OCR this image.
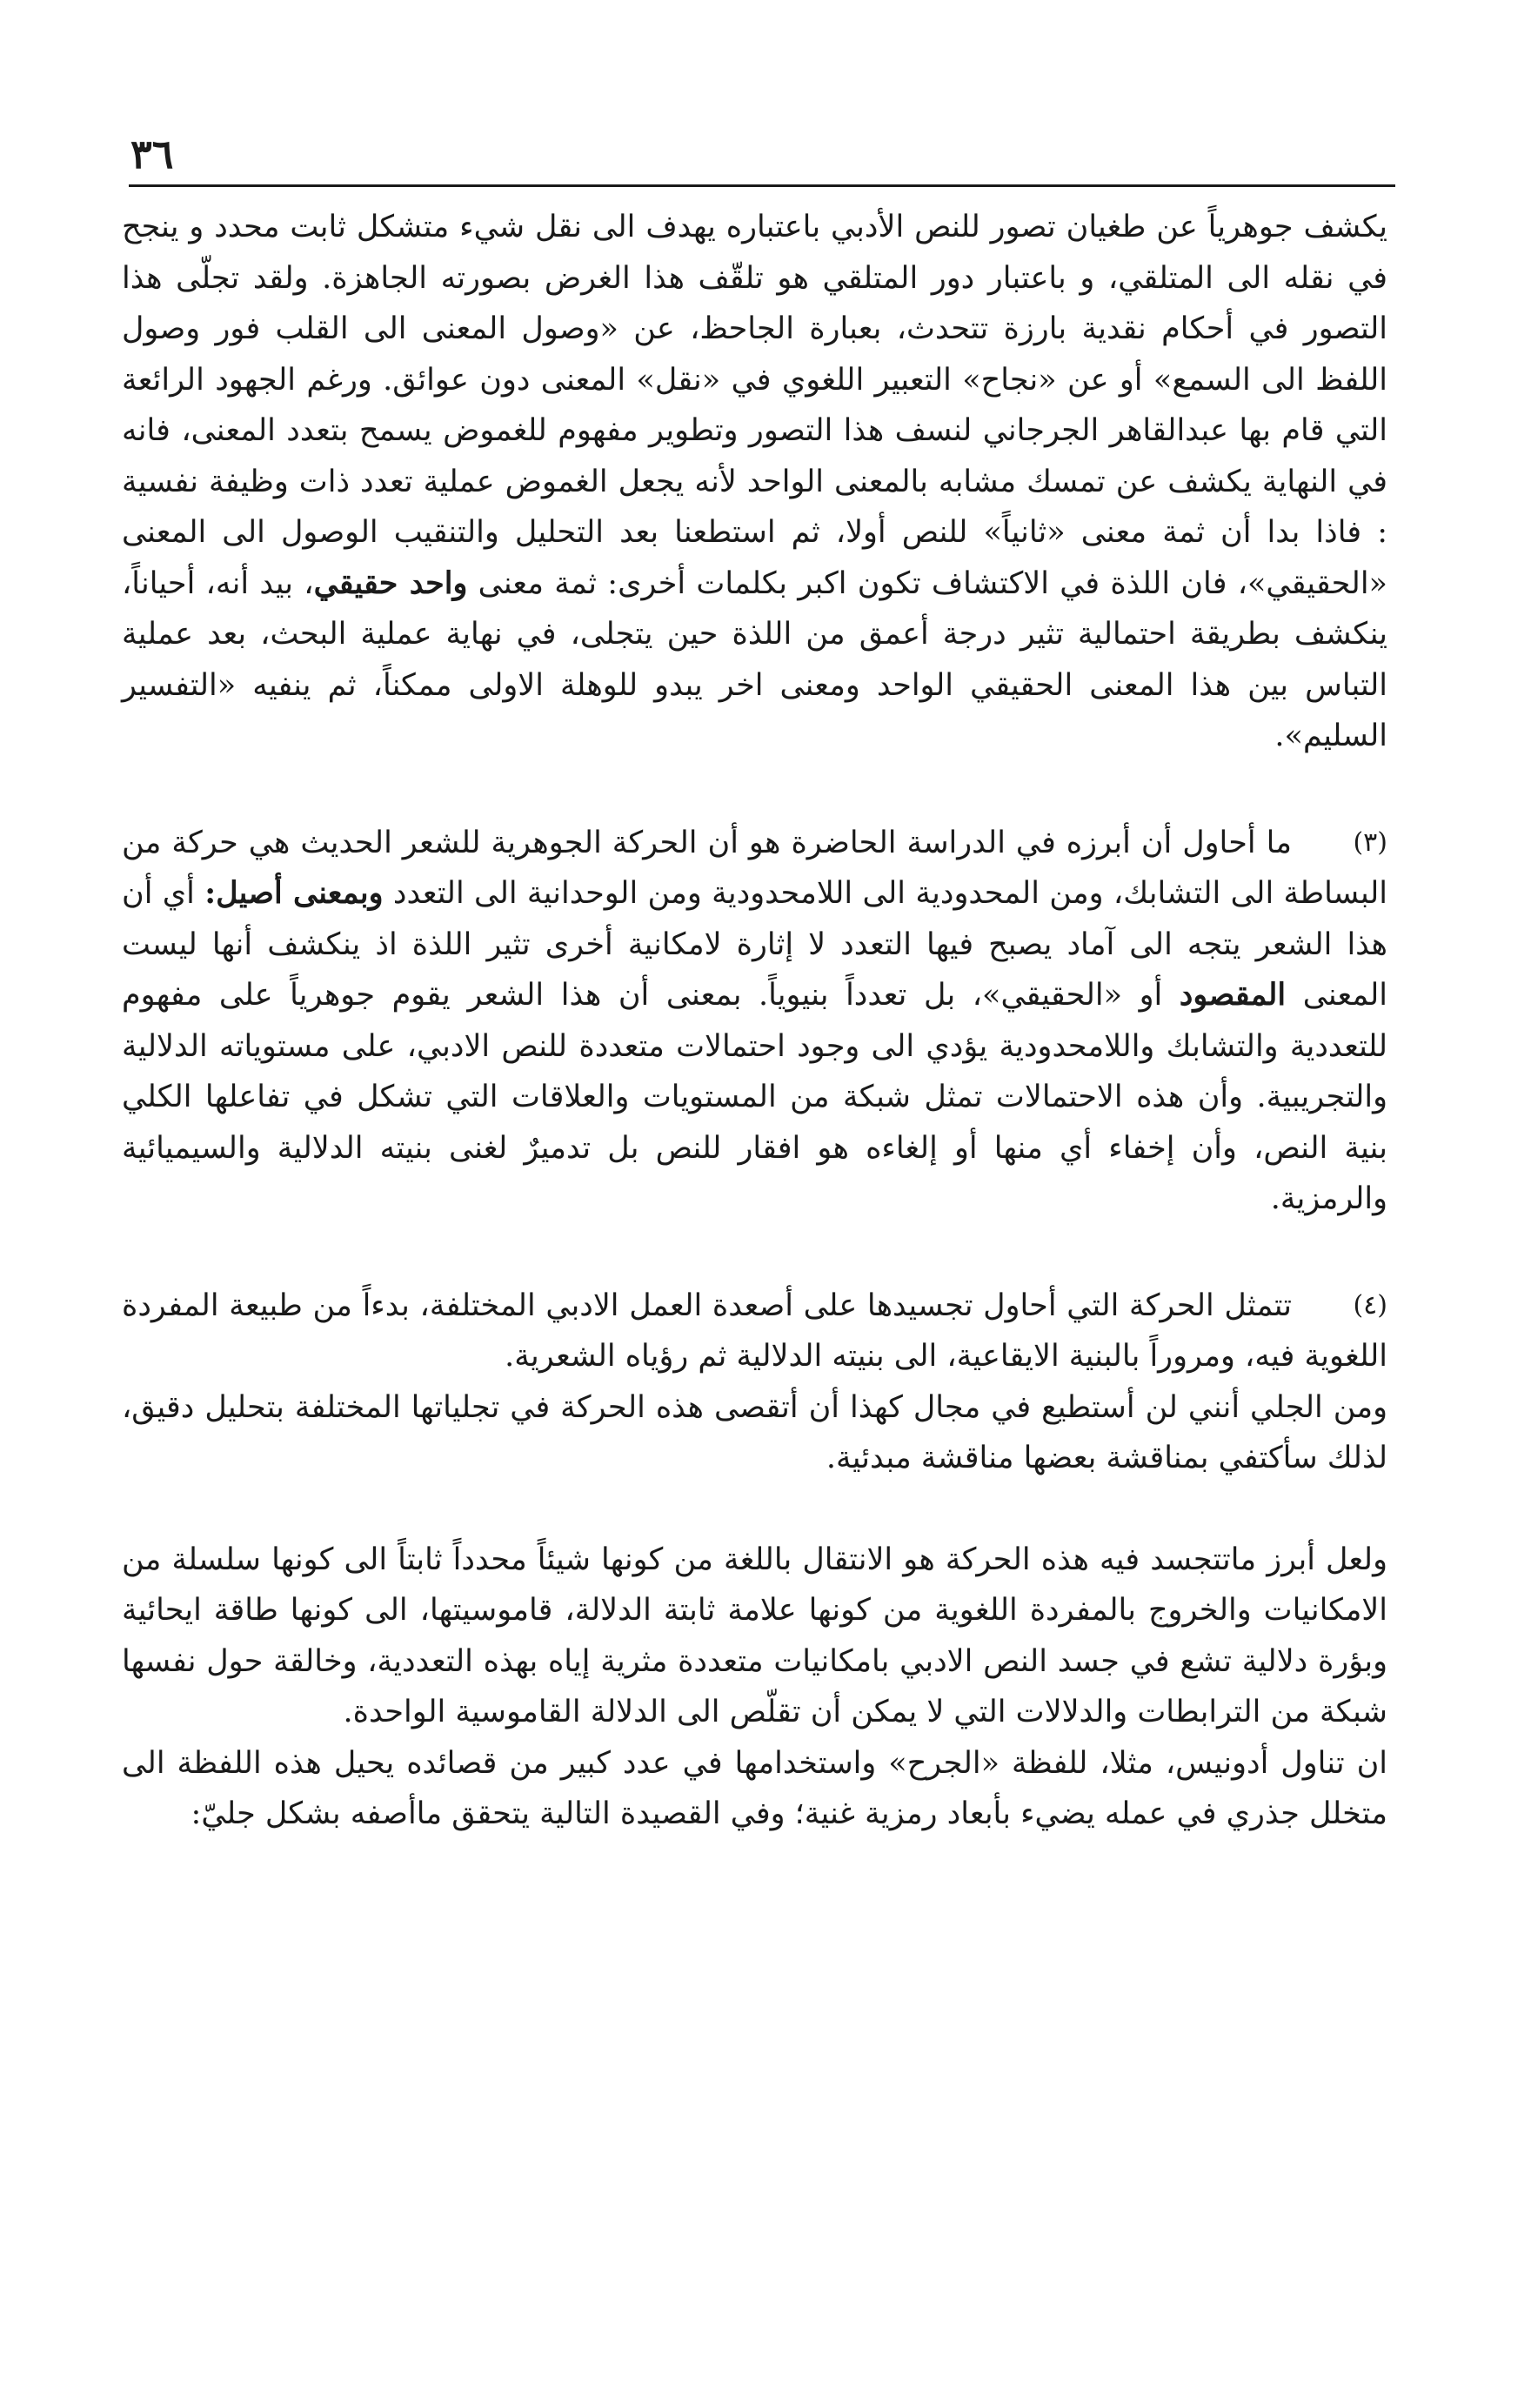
٣٦

يكشف جوهرياً عن طغيان تصور للنص الأدبي باعتباره يهدف الى نقل شيء متشكل ثابت محدد و ينجح في نقله الى المتلقي، و باعتبار دور المتلقي هو تلقّف هذا الغرض بصورته الجاهزة. ولقد تجلّى هذا التصور في أحكام نقدية بارزة تتحدث، بعبارة الجاحظ، عن «وصول المعنى الى القلب فور وصول اللفظ الى السمع» أو عن «نجاح» التعبير اللغوي في «نقل» المعنى دون عوائق. ورغم الجهود الرائعة التي قام بها عبدالقاهر الجرجاني لنسف هذا التصور وتطوير مفهوم للغموض يسمح بتعدد المعنى، فانه في النهاية يكشف عن تمسك مشابه بالمعنى الواحد لأنه يجعل الغموض عملية تعدد ذات وظيفة نفسية : فاذا بدا أن ثمة معنى «ثانياً» للنص أولا، ثم استطعنا بعد التحليل والتنقيب الوصول الى المعنى «الحقيقي»، فان اللذة في الاكتشاف تكون اكبر بكلمات أخرى: ثمة معنى واحد حقيقي، بيد أنه، أحياناً، ينكشف بطريقة احتمالية تثير درجة أعمق من اللذة حين يتجلى، في نهاية عملية البحث، بعد عملية التباس بين هذا المعنى الحقيقي الواحد ومعنى اخر يبدو للوهلة الاولى ممكناً، ثم ينفيه «التفسير السليم».

(٣)

ما أحاول أن أبرزه في الدراسة الحاضرة هو أن الحركة الجوهرية للشعر الحديث هي حركة من البساطة الى التشابك، ومن المحدودية الى اللامحدودية ومن الوحدانية الى التعدد وبمعنى أصيل: أي أن هذا الشعر يتجه الى آماد يصبح فيها التعدد لا إثارة لامكانية أخرى تثير اللذة اذ ينكشف أنها ليست المعنى المقصود أو «الحقيقي»، بل تعدداً بنيوياً. بمعنى أن هذا الشعر يقوم جوهرياً على مفهوم للتعددية والتشابك واللامحدودية يؤدي الى وجود احتمالات متعددة للنص الادبي، على مستوياته الدلالية والتجريبية. وأن هذه الاحتمالات تمثل شبكة من المستويات والعلاقات التي تشكل في تفاعلها الكلي بنية النص، وأن إخفاء أي منها أو إلغاءه هو افقار للنص بل تدميرٌ لغنى بنيته الدلالية والسيميائية والرمزية.

(٤)

تتمثل الحركة التي أحاول تجسيدها على أصعدة العمل الادبي المختلفة، بدءاً من طبيعة المفردة اللغوية فيه، ومروراً بالبنية الايقاعية، الى بنيته الدلالية ثم رؤياه الشعرية.

ومن الجلي أنني لن أستطيع في مجال كهذا أن أتقصى هذه الحركة في تجلياتها المختلفة بتحليل دقيق، لذلك سأكتفي بمناقشة بعضها مناقشة مبدئية.

ولعل أبرز ماتتجسد فيه هذه الحركة هو الانتقال باللغة من كونها شيئاً محدداً ثابتاً الى كونها سلسلة من الامكانيات والخروج بالمفردة اللغوية من كونها علامة ثابتة الدلالة، قاموسيتها، الى كونها طاقة ايحائية وبؤرة دلالية تشع في جسد النص الادبي بامكانيات متعددة مثرية إياه بهذه التعددية، وخالقة حول نفسها شبكة من الترابطات والدلالات التي لا يمكن أن تقلّص الى الدلالة القاموسية الواحدة.

ان تناول أدونيس، مثلا، للفظة «الجرح» واستخدامها في عدد كبير من قصائده يحيل هذه اللفظة الى متخلل جذري في عمله يضيء بأبعاد رمزية غنية؛ وفي القصيدة التالية يتحقق ماأصفه بشكل جليّ:
